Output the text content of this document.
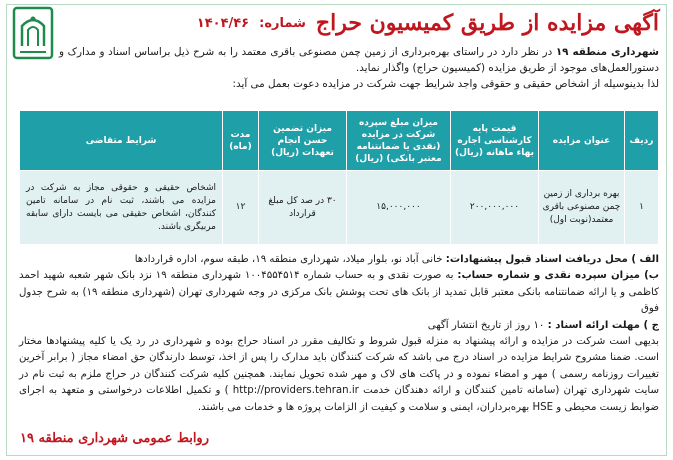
آگهی مزایده از طریق کمیسیون حراج
شماره:
۱۴۰۴/۴۶
شهرداری منطقه ۱۹ در نظر دارد در راستای بهره‌برداری از زمین چمن مصنوعی باقری معتمد را به شرح ذیل براساس اسناد و مدارک و دستورالعمل‌های موجود از طریق مزایده (کمیسیون حراج) واگذار نماید.
لذا بدینوسیله از اشخاص حقیقی و حقوقی واجد شرایط جهت شرکت در مزایده دعوت بعمل می آید:
ردیف	عنوان مزایده	قیمت پایه کارشناسی اجاره بهاء ماهانه (ریال)	میزان مبلغ سپرده شرکت در مزایده (نقدی یا ضمانتنامه معتبر بانکی) (ریال)	میزان تضمین حسن انجام تعهدات (ریال)	مدت (ماه)	شرایط متقاضی
۱	بهره برداری از زمین چمن مصنوعی باقری معتمد(نوبت اول)	۲۰۰,۰۰۰,۰۰۰	۱۵,۰۰۰,۰۰۰	۳۰ در صد کل مبلغ قرارداد	۱۲	اشخاص حقیقی و حقوقی مجاز به شرکت در مزایده می باشند، ثبت نام در سامانه تامین کنندگان، اشخاص حقیقی می بایست دارای سابقه مربیگری باشند.

الف ) محل دریافت اسناد قبول پیشنهادات: خانی آباد نو، بلوار میلاد، شهرداری منطقه ۱۹، طبقه سوم، اداره قراردادها

ب) میزان سپرده نقدی و شماره حساب: به صورت نقدی و به حساب شماره ۱۰۰۴۵۵۴۵۱۴ شهرداری منطقه ۱۹ نزد بانک شهر شعبه شهید احمد کاظمی و یا ارائه ضمانتنامه بانکی معتبر قابل تمدید از بانک های تحت پوشش بانک مرکزی در وجه شهرداری تهران (شهرداری منطقه ۱۹) به شرح جدول فوق

ج ) مهلت ارائه اسناد : ۱۰ روز از تاریخ انتشار آگهی

بدیهی است شرکت در مزایده و ارائه پیشنهاد به منزله قبول شروط و تکالیف مقرر در اسناد حراج بوده و شهرداری در رد یک یا کلیه پیشنهادها مختار است. ضمنا مشروح شرایط مزایده در اسناد درج می باشد که شرکت کنندگان باید مدارک را پس از اخذ، توسط دارندگان حق امضاء مجاز ( برابر آخرین تغییرات روزنامه رسمی ) مهر و امضاء نموده و در پاکت های لاک و مهر شده تحویل نمایند. همچنین کلیه شرکت کنندگان در حراج ملزم به ثبت نام در سایت شهرداری تهران (سامانه تامین کنندگان و ارائه دهندگان خدمت http://providers.tehran.ir ) و تکمیل اطلاعات درخواستی و متعهد به اجرای ضوابط زیست محیطی و HSE بهره‌برداران، ایمنی و سلامت و کیفیت از الزامات پروژه ها و خدمات می باشند.

روابط عمومی شهرداری منطقه ۱۹
